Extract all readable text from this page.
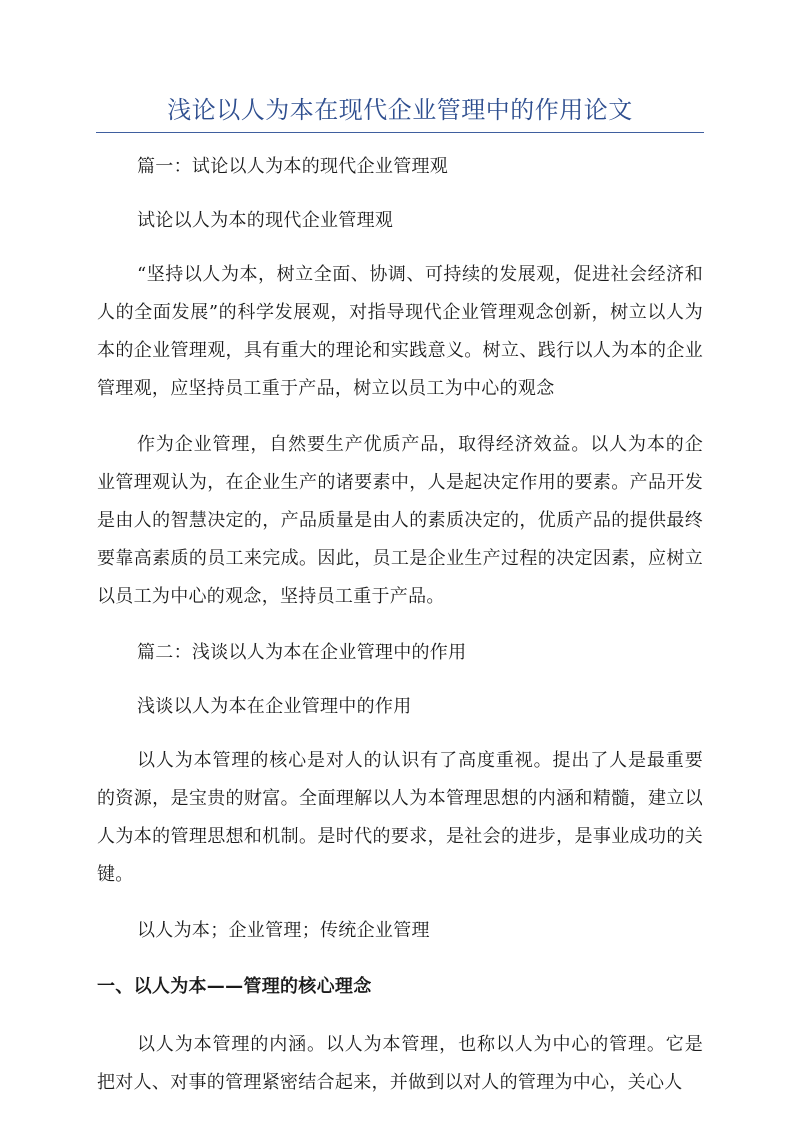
浅论以人为本在现代企业管理中的作用论文

篇一：试论以人为本的现代企业管理观

试论以人为本的现代企业管理观

“坚持以人为本，树立全面、协调、可持续的发展观，促进社会经济和人的全面发展”的科学发展观，对指导现代企业管理观念创新，树立以人为本的企业管理观，具有重大的理论和实践意义。树立、践行以人为本的企业管理观，应坚持员工重于产品，树立以员工为中心的观念

作为企业管理，自然要生产优质产品，取得经济效益。以人为本的企业管理观认为，在企业生产的诸要素中，人是起决定作用的要素。产品开发是由人的智慧决定的，产品质量是由人的素质决定的，优质产品的提供最终要靠高素质的员工来完成。因此，员工是企业生产过程的决定因素，应树立以员工为中心的观念，坚持员工重于产品。

篇二：浅谈以人为本在企业管理中的作用

浅谈以人为本在企业管理中的作用

以人为本管理的核心是对人的认识有了高度重视。提出了人是最重要的资源，是宝贵的财富。全面理解以人为本管理思想的内涵和精髓，建立以人为本的管理思想和机制。是时代的要求，是社会的进步，是事业成功的关键。

以人为本；企业管理；传统企业管理

一、以人为本——管理的核心理念

以人为本管理的内涵。以人为本管理，也称以人为中心的管理。它是把对人、对事的管理紧密结合起来，并做到以对人的管理为中心，关心人
